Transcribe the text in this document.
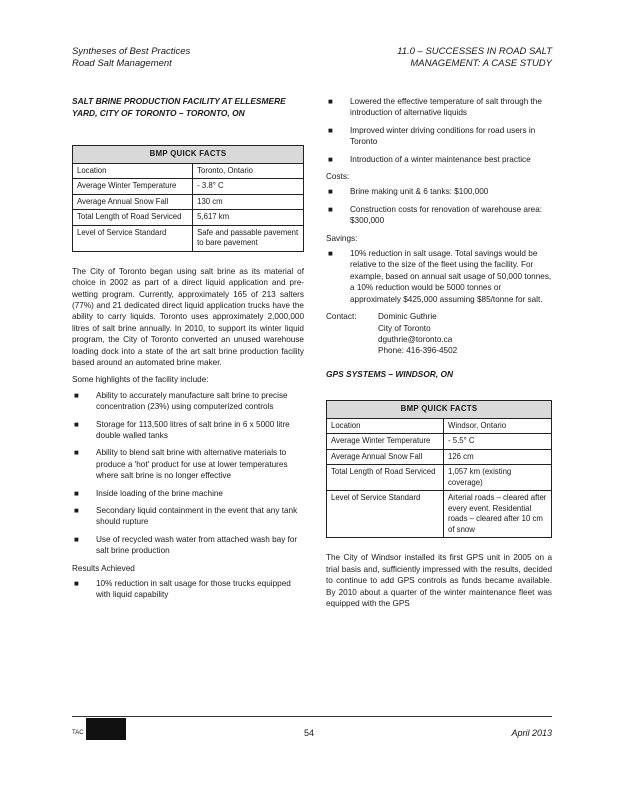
Syntheses of Best Practices
Road Salt Management
11.0 – SUCCESSES IN ROAD SALT
MANAGEMENT: A CASE STUDY
SALT BRINE PRODUCTION FACILITY AT ELLESMERE YARD, CITY OF TORONTO – TORONTO, ON
BMP QUICK FACTS	
Location	Toronto, Ontario
Average Winter Temperature	- 3.8° C
Average Annual Snow Fall	130 cm
Total Length of Road Serviced	5,617 km
Level of Service Standard	Safe and passable pavement to bare pavement

The City of Toronto began using salt brine as its material of choice in 2002 as part of a direct liquid application and pre-wetting program. Currently, approximately 165 of 213 salters (77%) and 21 dedicated direct liquid application trucks have the ability to carry liquids. Toronto uses approximately 2,000,000 litres of salt brine annually. In 2010, to support its winter liquid program, the City of Toronto converted an unused warehouse loading dock into a state of the art salt brine production facility based around an automated brine maker.

Some highlights of the facility include:

■ Ability to accurately manufacture salt brine to precise concentration (23%) using computerized controls
■ Storage for 113,500 litres of salt brine in 6 x 5000 litre double walled tanks
■ Ability to blend salt brine with alternative materials to produce a 'hot' product for use at lower temperatures where salt brine is no longer effective
■ Inside loading of the brine machine
■ Secondary liquid containment in the event that any tank should rupture
■ Use of recycled wash water from attached wash bay for salt brine production

Results Achieved

■ 10% reduction in salt usage for those trucks equipped with liquid capability
■ Lowered the effective temperature of salt through the introduction of alternative liquids
■ Improved winter driving conditions for road users in Toronto
■ Introduction of a winter maintenance best practice

Costs:

■ Brine making unit & 6 tanks: $100,000
■ Construction costs for renovation of warehouse area: $300,000

Savings:

■ 10% reduction in salt usage. Total savings would be relative to the size of the fleet using the facility. For example, based on annual salt usage of 50,000 tonnes, a 10% reduction would be 5000 tonnes or approximately $425,000 assuming $85/tonne for salt.
Contact:	Dominic Guthrie
City of Toronto
dguthrie@toronto.ca
Phone: 416-396-4502
GPS SYSTEMS – WINDSOR, ON
BMP QUICK FACTS	
Location	Windsor, Ontario
Average Winter Temperature	- 5.5° C
Average Annual Snow Fall	126 cm
Total Length of Road Serviced	1,057 km (existing coverage)
Level of Service Standard	Arterial roads – cleared after every event. Residential roads – cleared after 10 cm of snow

The City of Windsor installed its first GPS unit in 2005 on a trial basis and, sufficiently impressed with the results, decided to continue to add GPS controls as funds became available. By 2010 about a quarter of the winter maintenance fleet was equipped with the GPS

TAC	54	April 2013
